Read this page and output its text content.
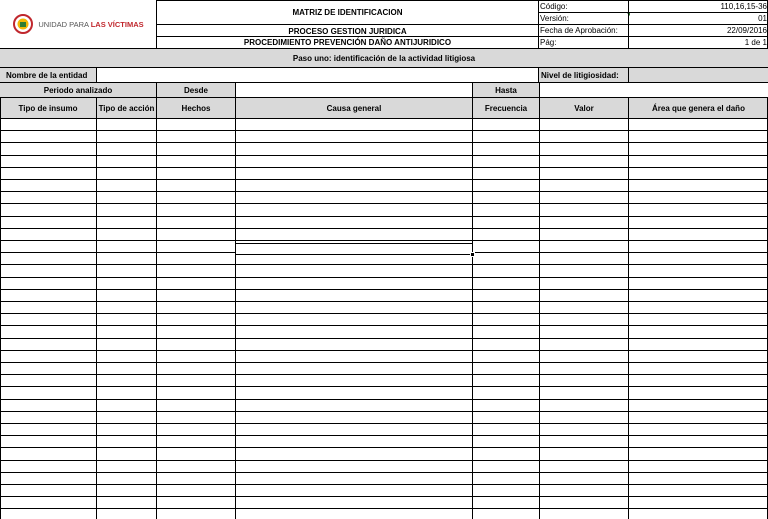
UNIDAD PARA LAS VÍCTIMAS
MATRIZ DE IDENTIFICACION
PROCESO GESTION JURIDICA
PROCEDIMIENTO PREVENCIÓN DAÑO ANTIJURIDICO
Código:	110,16,15-36
Versión:	01
Fecha de Aprobación:	22/09/2016
Pág:	1 de 1
Paso uno: identificación de la actividad litigiosa
Nombre de la entidad	Nivel de litigiosidad:
Periodo analizado	Desde	Hasta
Tipo de insumo	Tipo de acción	Hechos	Causa general	Frecuencia	Valor	Área que genera el daño
